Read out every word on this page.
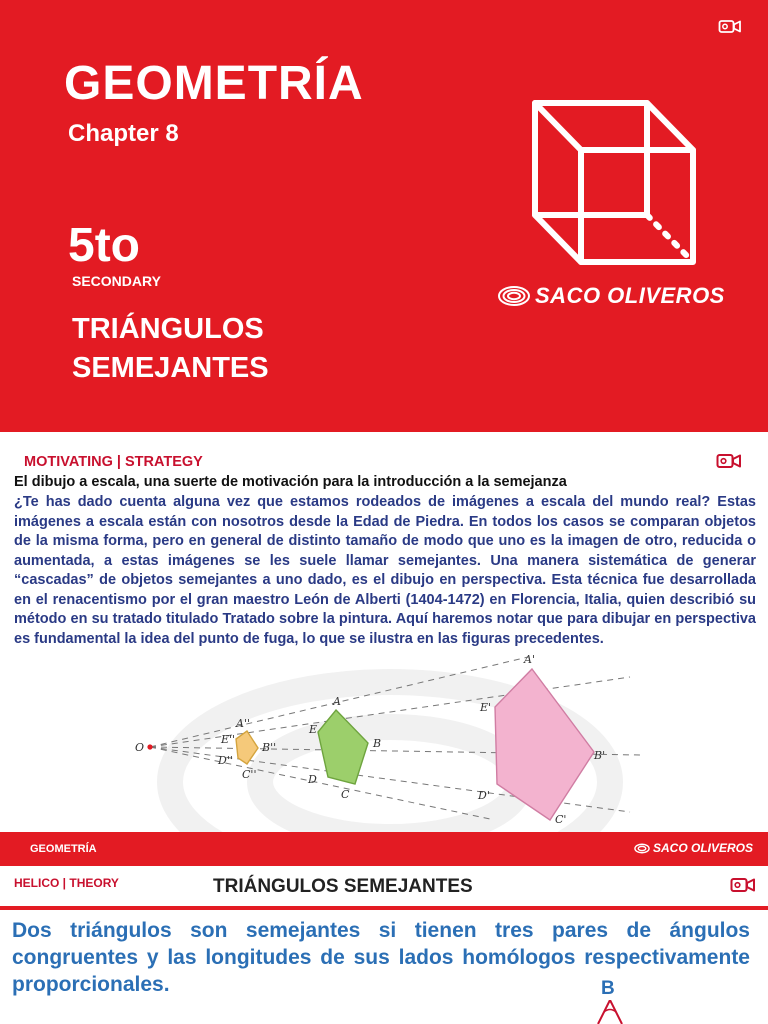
GEOMETRÍA
Chapter 8
5to
SECONDARY
TRIÁNGULOS
SEMEJANTES
SACO OLIVEROS
MOTIVATING | STRATEGY
El dibujo a escala, una suerte de motivación para la introducción a la semejanza
¿Te has dado cuenta alguna vez que estamos rodeados de imágenes a escala del mundo real? Estas imágenes a escala están con nosotros desde la Edad de Piedra. En todos los casos se comparan objetos de la misma forma, pero en general de distinto tamaño de modo que uno es la imagen de otro, reducida o aumentada, a estas imágenes se les suele llamar semejantes. Una manera sistemática de generar “cascadas” de objetos semejantes a uno dado, es el dibujo en perspectiva. Esta técnica fue desarrollada en el renacentismo por el gran maestro León de Alberti (1404-1472) en Florencia, Italia, quien describió su método en su tratado titulado Tratado sobre la pintura. Aquí haremos notar que para dibujar en perspectiva es fundamental la idea del punto de fuga, lo que se ilustra en las figuras precedentes.
O
A''
B''
C''
D''
E''
A
B
C
D
E
A'
B'
C'
D'
E'
GEOMETRÍA	SACO OLIVEROS
HELICO | THEORY	TRIÁNGULOS SEMEJANTES
Dos triángulos son semejantes si tienen tres pares de ángulos congruentes y las longitudes de sus lados homólogos respectivamente proporcionales.	B
